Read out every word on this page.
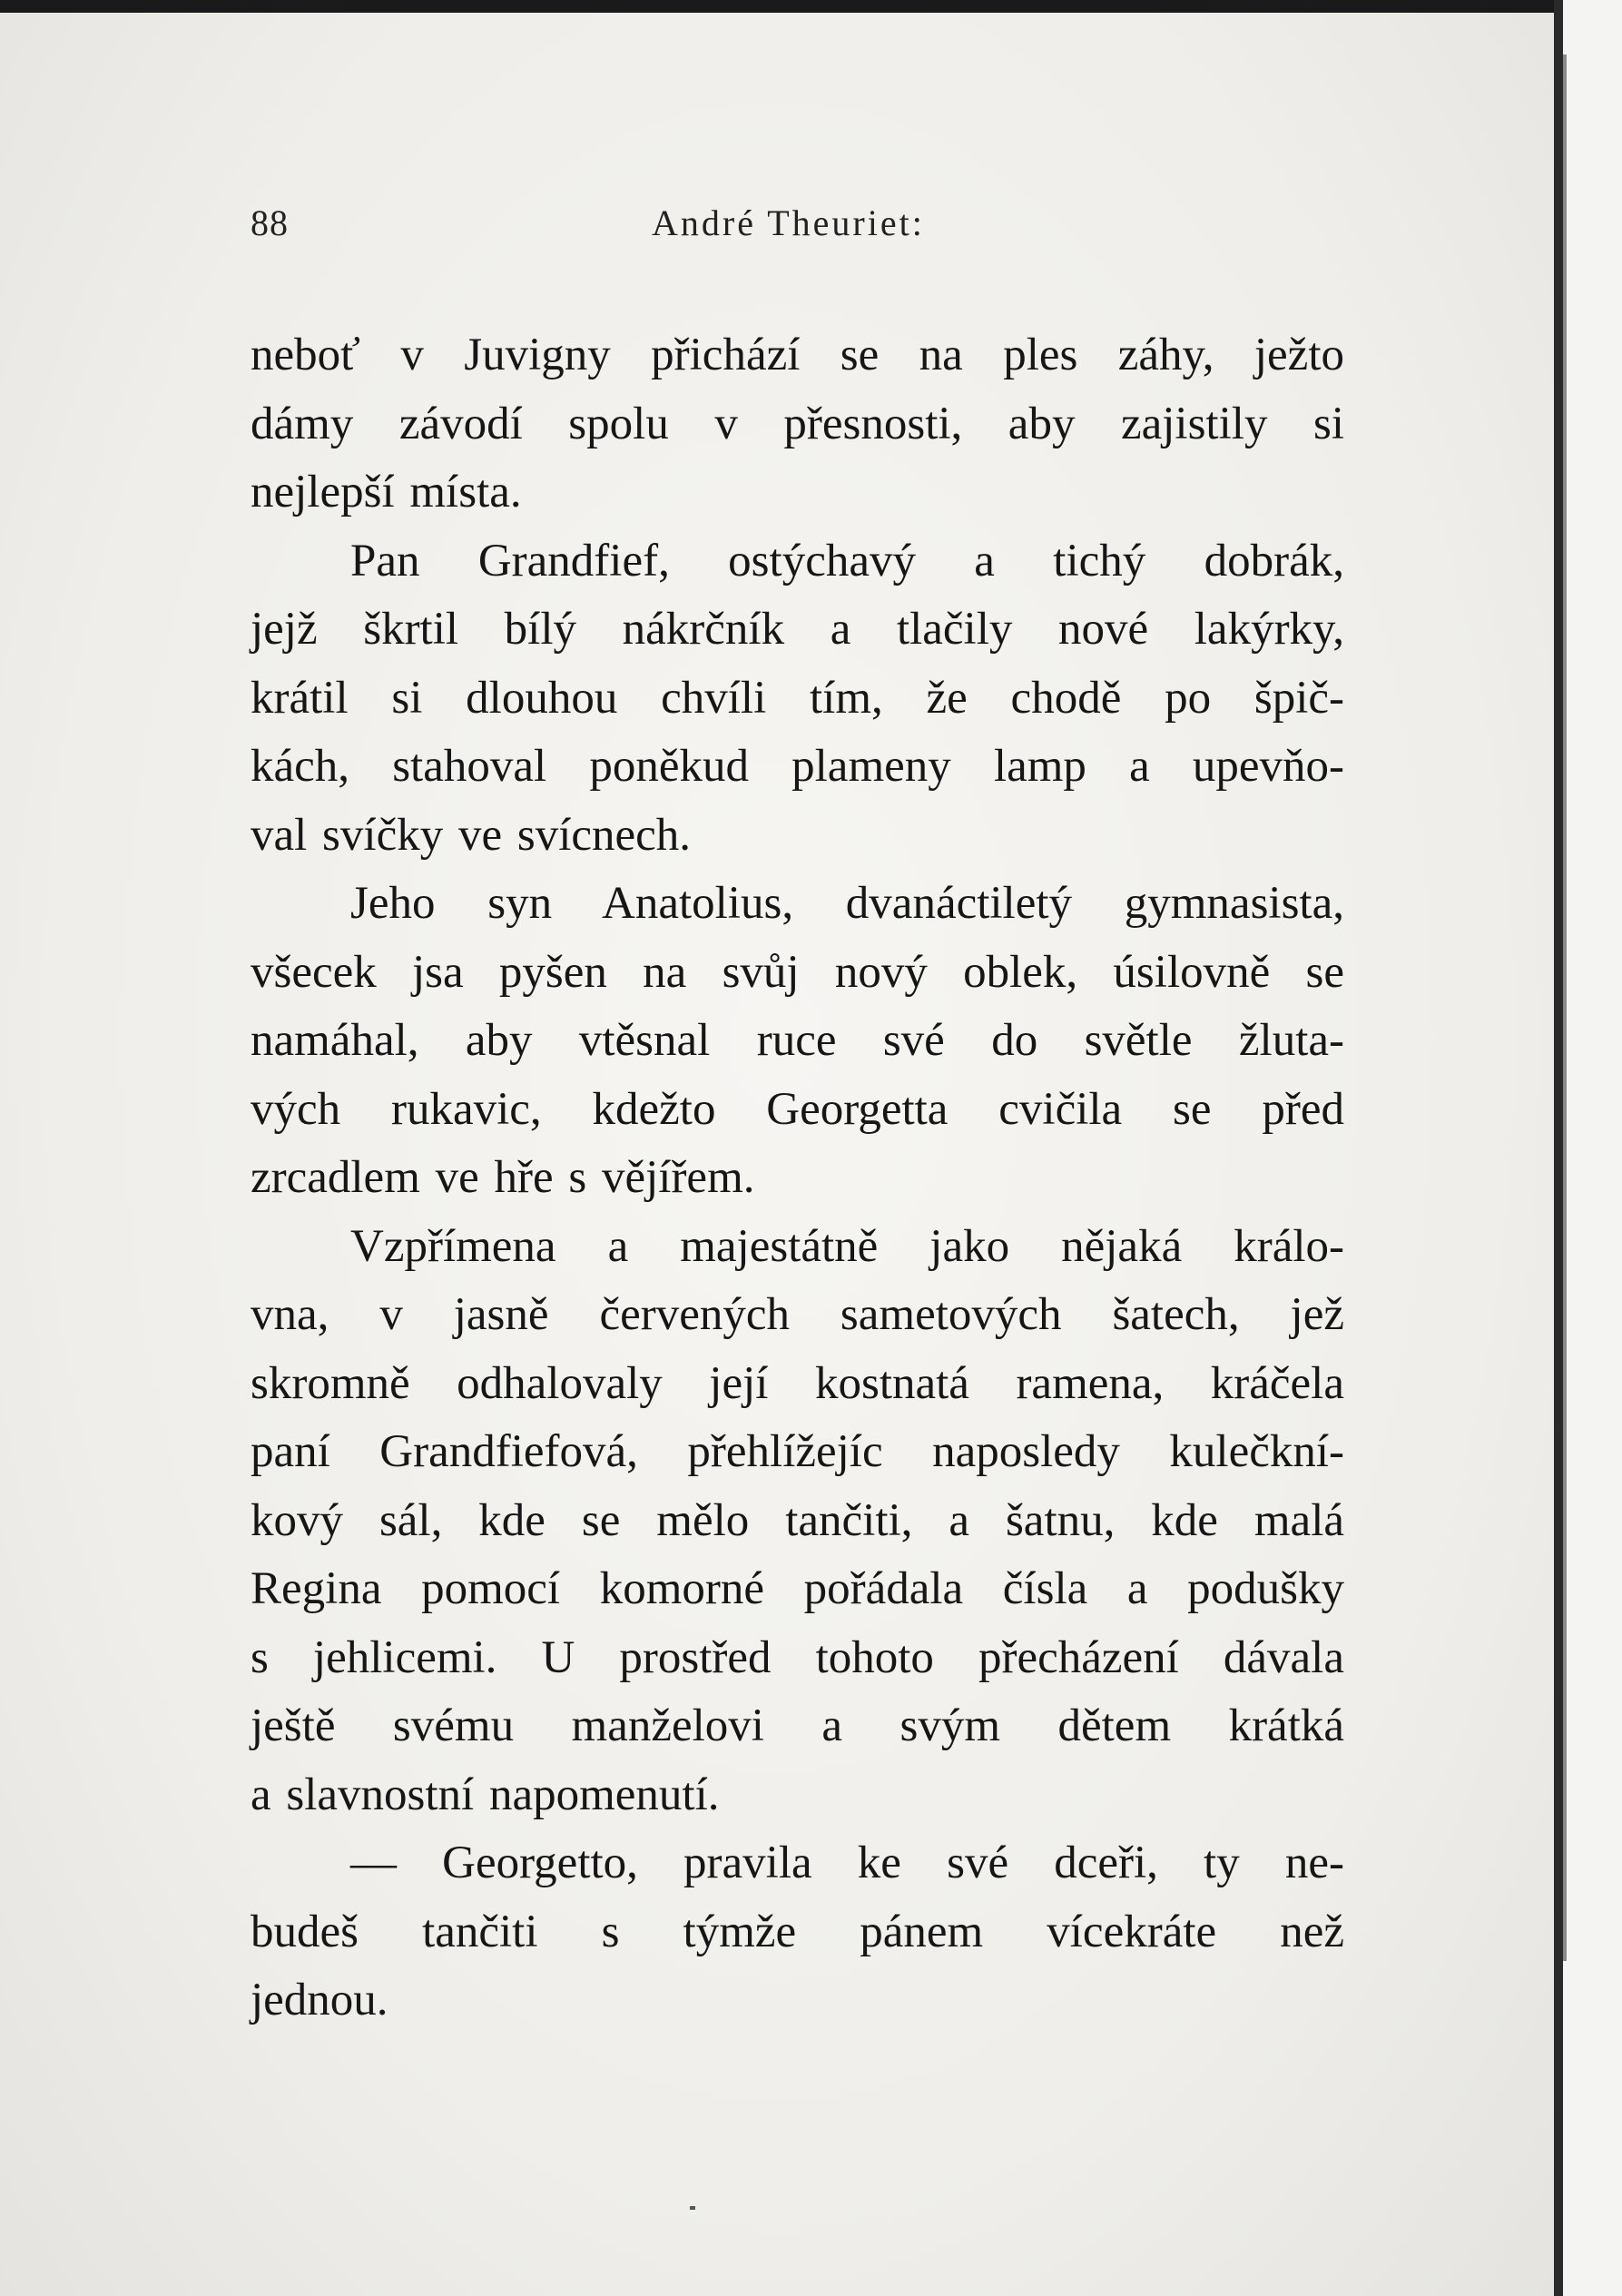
88	André Theuriet:
neboť v Juvigny přichází se na ples záhy, ježto
dámy závodí spolu v přesnosti, aby zajistily si
nejlepší místa.
Pan Grandfief, ostýchavý a tichý dobrák,
jejž škrtil bílý nákrčník a tlačily nové lakýrky,
krátil si dlouhou chvíli tím, že chodě po špič-
kách, stahoval poněkud plameny lamp a upevňo-
val svíčky ve svícnech.
Jeho syn Anatolius, dvanáctiletý gymnasista,
všecek jsa pyšen na svůj nový oblek, úsilovně se
namáhal, aby vtěsnal ruce své do světle žluta-
vých rukavic, kdežto Georgetta cvičila se před
zrcadlem ve hře s vějířem.
Vzpřímena a majestátně jako nějaká králo-
vna, v jasně červených sametových šatech, jež
skromně odhalovaly její kostnatá ramena, kráčela
paní Grandfiefová, přehlížejíc naposledy kulečkní-
kový sál, kde se mělo tančiti, a šatnu, kde malá
Regina pomocí komorné pořádala čísla a podušky
s jehlicemi. U prostřed tohoto přecházení dávala
ještě svému manželovi a svým dětem krátká
a slavnostní napomenutí.
— Georgetto, pravila ke své dceři, ty ne-
budeš tančiti s týmže pánem vícekráte než
jednou.
